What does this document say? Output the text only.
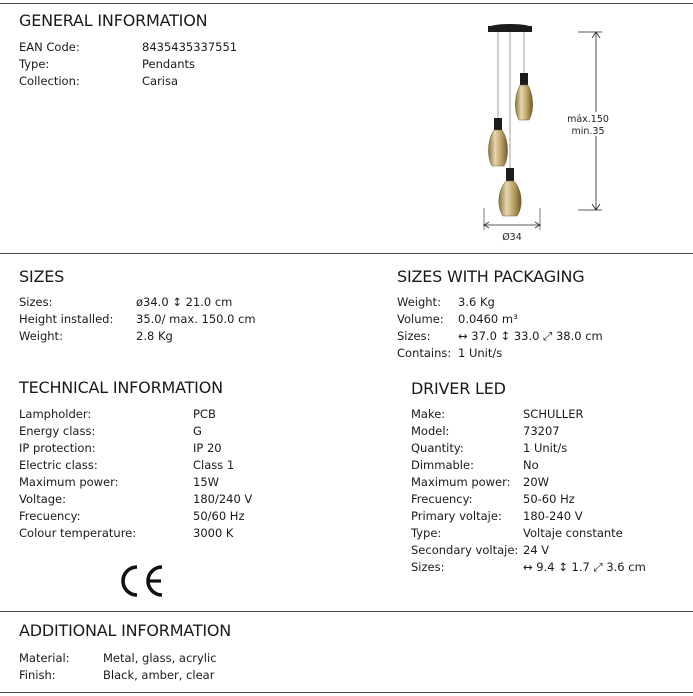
GENERAL INFORMATION
EAN Code:	8435435337551
Type:	Pendants
Collection:	Carisa
máx.150
min.35
Ø34
SIZES
Sizes:	ø34.0 ↕ 21.0 cm
Height installed: 35.0/ max. 150.0 cm
Weight:	2.8 Kg
SIZES WITH PACKAGING
Weight: 3.6 Kg
Volume: 0.0460 m³
Sizes: ↔ 37.0 ↕ 33.0 ⤢ 38.0 cm
Contains: 1 Unit/s
TECHNICAL INFORMATION
Lampholder:	PCB
Energy class:	G
IP protection:	IP 20
Electric class:	Class 1
Maximum power:	15W
Voltage:	180/240 V
Frecuency:	50/60 Hz
Colour temperature:	3000 K
CE
DRIVER LED
Make:	SCHULLER
Model:	73207
Quantity:	1 Unit/s
Dimmable:	No
Maximum power: 20W
Frecuency:	50-60 Hz
Primary voltaje: 180-240 V
Type:	Voltaje constante
Secondary voltaje: 24 V
Sizes:	↔ 9.4 ↕ 1.7 ⤢ 3.6 cm
ADDITIONAL INFORMATION
Material:	Metal, glass, acrylic
Finish:	Black, amber, clear
